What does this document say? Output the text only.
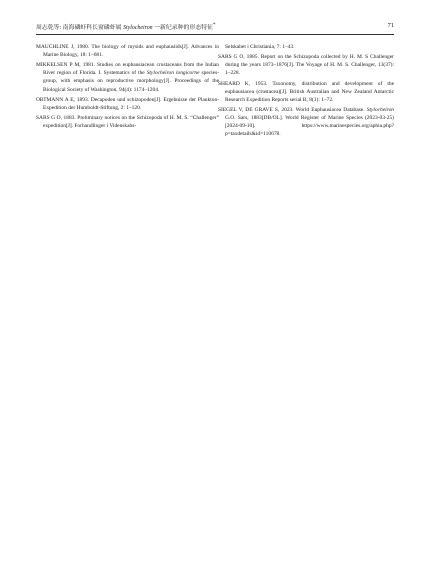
周志乾等: 南海磷虾科长窗磷虾属 Stylocheiron 一新纪录种的形态特征*	71

MAUCHLINE J, 1980. The biology of mysids and euphausiids[J]. Advances in Marine Biology, 18: 1–681.

MIKKELSEN P M, 1981. Studies on euphausiacean crustaceans from the Indian River region of Florida. I. Systematics of the Stylocheiron longicorne species-group, with emphasis on reproductive morphology[J]. Proceedings of the Biological Society of Washington, 94(4): 1174–1204.

ORTMANN A E, 1893. Decapoden und schizopoden[J]. Ergebnisse der Plankton-Expedition der Humboldt-Stiftung, 2: 1–120.

SARS G O, 1883. Preliminary notices on the Schizopoda of H. M. S. “Challenger” expedition[J]. Forhandlinger i Videnskabs-

Selskabet i Christiania, 7: 1–43.

SARS G O, 1885. Report on the Schizopoda collected by H. M. S Challenger during the years 1873–1876[J]. The Voyage of H. M. S. Challenger, 13(37): 1–228.

SHEARD K, 1953. Taxonomy, distribution and development of the euphausiacea (crustacea)[J]. British Australian and New Zealand Antarctic Research Expedition Reports serial B, 8(1): 1–72.

SIEGEL V, DE GRAVE S, 2023. World Euphausiacea Database. Stylocheiron G.O. Sars, 1883[DB/OL]. World Register of Marine Species (2023-03-25) [2024-09-10]. https://www.marinespecies.org/aphia.php?p=taxdetails&id=110678.
